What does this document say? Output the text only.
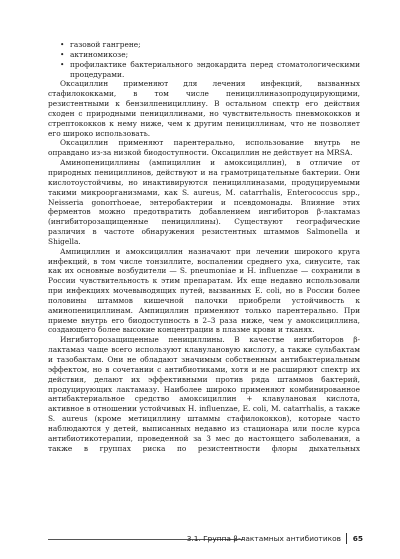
• газовой гангрене;
• актиномикозе;
• профилактике бактериального эндокардита перед стоматологическими процедурами.

Оксациллин применяют для лечения инфекций, вызванных стафилококками, в том числе пенициллиназопродуцирующими, резистентными к бензилпенициллину. В остальном спектр его действия сходен с природными пенициллинами, но чувствительность пневмококков и стрептококков к нему ниже, чем к другим пенициллинам, что не позволяет его широко использовать.

Оксациллин применяют парентерально, использование внутрь не оправдано из-за низкой биодоступности. Оксациллин не действует на MRSA.

Аминопенициллины (ампициллин и амоксициллин), в отличие от природных пенициллинов, действуют и на грамотрицательные бактерии. Они кислотоустойчивы, но инактивируются пенициллиназами, продуцируемыми такими микроорганизмами, как S. aureus, M. catarrhalis, Enterococcus spp., Neisseria gonorrhoeae, энтеробактерии и псевдомонады. Влияние этих ферментов можно предотвратить добавлением ингибиторов β-лактамаз (ингибиторозащищенные пенициллины). Существуют географические различия в частоте обнаружения резистентных штаммов Salmonella и Shigella.

Ампициллин и амоксициллин назначают при лечении широкого круга инфекций, в том числе тонзиллите, воспалении среднего уха, синусите, так как их основные возбудители — S. pneumoniae и H. influenzae — сохранили в России чувствительность к этим препаратам. Их еще недавно использовали при инфекциях мочевыводящих путей, вызванных E. coli, но в России более половины штаммов кишечной палочки приобрели устойчивость к аминопенициллинам. Ампициллин применяют только парентерально. При приеме внутрь его биодоступность в 2–3 раза ниже, чем у амоксициллина, создающего более высокие концентрации в плазме крови и тканях.

Ингибиторозащищенные пенициллины. В качестве ингибиторов β-лактамаз чаще всего используют клавулановую кислоту, а также сульбактам и тазобактам. Они не обладают значимым собственным антибактериальным эффектом, но в сочетании с антибиотиками, хотя и не расширяют спектр их действия, делают их эффективными против ряда штаммов бактерий, продуцирующих лактамазу. Наиболее широко применяют комбинированное антибактериальное средство амоксициллин + клавулановая кислота, активное в отношении устойчивых H. influenzae, E. coli, M. catarrhalis, а также S. aureus (кроме метициллину штаммы стафилококков), которые часто наблюдаются у детей, выписанных недавно из стационара или после курса антибиотикотерапии, проведенной за 3 мес до настоящего заболевания, а также в группах риска по резистентности флоры дыхательных

3.1. Группа β-лактамных антибиотиков 65
